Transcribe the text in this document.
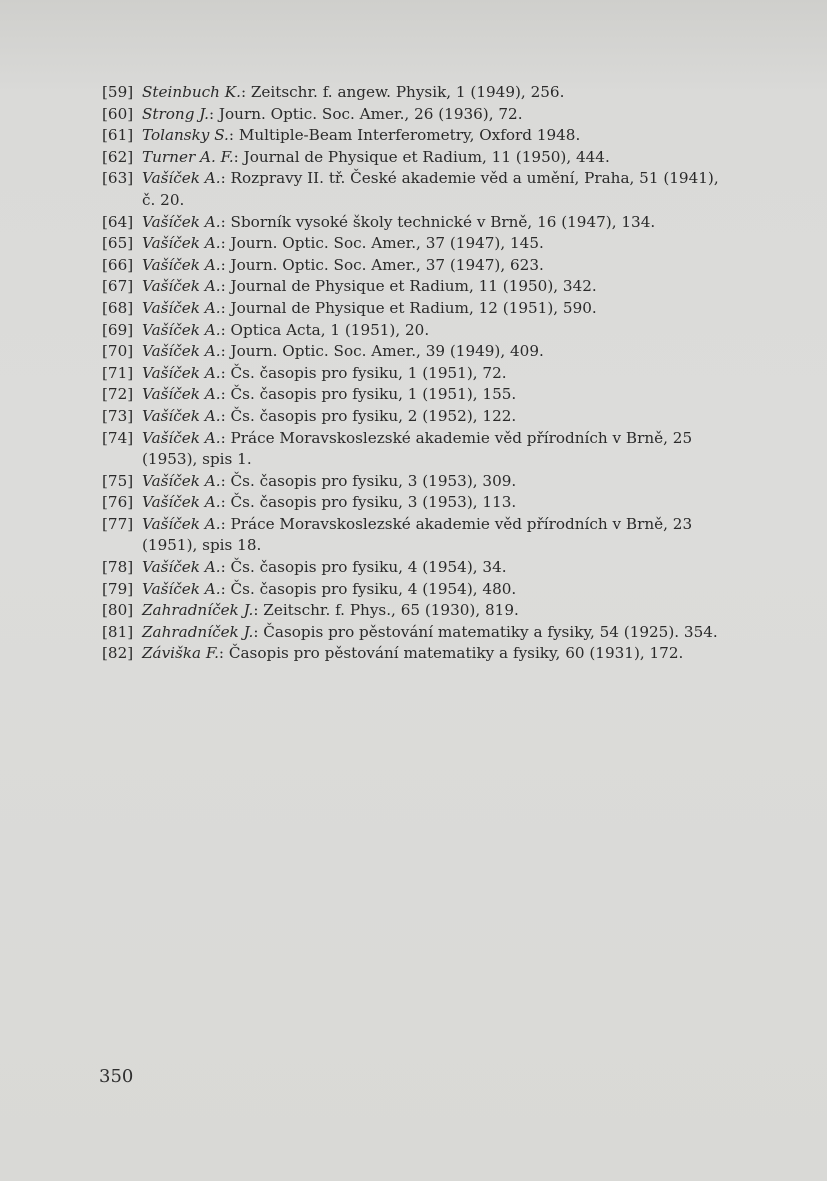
[59] Steinbuch K.: Zeitschr. f. angew. Physik, 1 (1949), 256.
[60] Strong J.: Journ. Optic. Soc. Amer., 26 (1936), 72.
[61] Tolansky S.: Multiple-Beam Interferometry, Oxford 1948.
[62] Turner A. F.: Journal de Physique et Radium, 11 (1950), 444.
[63] Vašíček A.: Rozpravy II. tř. České akademie věd a umění, Praha, 51 (1941),
č. 20.
[64] Vašíček A.: Sborník vysoké školy technické v Brně, 16 (1947), 134.
[65] Vašíček A.: Journ. Optic. Soc. Amer., 37 (1947), 145.
[66] Vašíček A.: Journ. Optic. Soc. Amer., 37 (1947), 623.
[67] Vašíček A.: Journal de Physique et Radium, 11 (1950), 342.
[68] Vašíček A.: Journal de Physique et Radium, 12 (1951), 590.
[69] Vašíček A.: Optica Acta, 1 (1951), 20.
[70] Vašíček A.: Journ. Optic. Soc. Amer., 39 (1949), 409.
[71] Vašíček A.: Čs. časopis pro fysiku, 1 (1951), 72.
[72] Vašíček A.: Čs. časopis pro fysiku, 1 (1951), 155.
[73] Vašíček A.: Čs. časopis pro fysiku, 2 (1952), 122.
[74] Vašíček A.: Práce Moravskoslezské akademie věd přírodních v Brně, 25
(1953), spis 1.
[75] Vašíček A.: Čs. časopis pro fysiku, 3 (1953), 309.
[76] Vašíček A.: Čs. časopis pro fysiku, 3 (1953), 113.
[77] Vašíček A.: Práce Moravskoslezské akademie věd přírodních v Brně, 23
(1951), spis 18.
[78] Vašíček A.: Čs. časopis pro fysiku, 4 (1954), 34.
[79] Vašíček A.: Čs. časopis pro fysiku, 4 (1954), 480.
[80] Zahradníček J.: Zeitschr. f. Phys., 65 (1930), 819.
[81] Zahradníček J.: Časopis pro pěstování matematiky a fysiky, 54 (1925). 354.
[82] Záviška F.: Časopis pro pěstování matematiky a fysiky, 60 (1931), 172.
350
